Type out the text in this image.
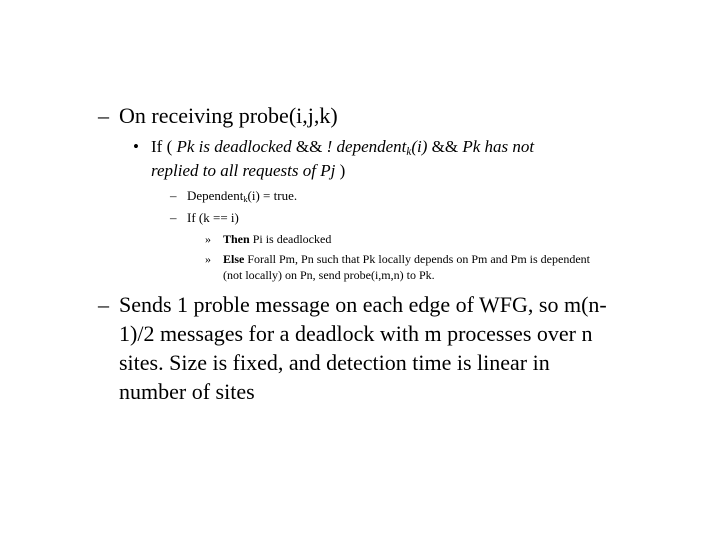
– On receiving probe(i,j,k)
• If ( Pk is deadlocked && ! dependent$_k$(i) && Pk has not
replied to all requests of Pj )
– Dependent$_k$(i) = true.
– If (k == i)
» Then Pi is deadlocked
» Else Forall Pm, Pn such that Pk locally depends on Pm and Pm is dependent
(not locally) on Pn, send probe(i,m,n) to Pk.
– Sends 1 proble message on each edge of WFG, so m(n-
1)/2 messages for a deadlock with m processes over n
sites. Size is fixed, and detection time is linear in
number of sites
